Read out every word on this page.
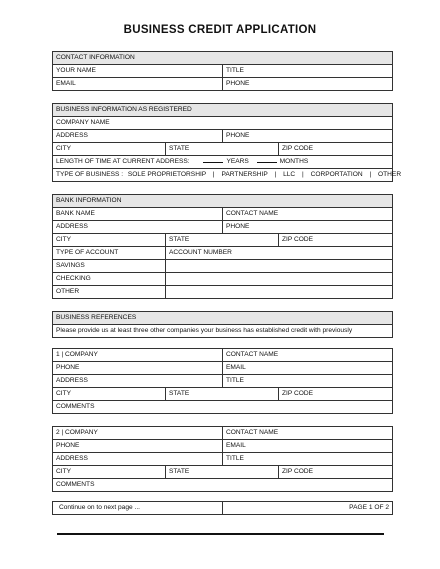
BUSINESS CREDIT APPLICATION
CONTACT INFORMATION	
YOUR NAME	TITLE
EMAIL	PHONE
BUSINESS INFORMATION AS REGISTERED			
COMPANY NAME			
ADDRESS		PHONE	
CITY	STATE		ZIP CODE
LENGTH OF TIME AT CURRENT ADDRESS: YEARS MONTHS			
TYPE OF BUSINESS : SOLE PROPRIETORSHIP | PARTNERSHIP | LLC | CORPORTATION | OTHER			
BANK INFORMATION			
BANK NAME		CONTACT NAME	
ADDRESS		PHONE	
CITY	STATE		ZIP CODE
TYPE OF ACCOUNT	ACCOUNT NUMBER		
SAVINGS			
CHECKING			
OTHER			
BUSINESS REFERENCES
Please provide us at least three other companies your business has established credit with previously
1 | COMPANY		CONTACT NAME	
PHONE		EMAIL	
ADDRESS		TITLE	
CITY	STATE		ZIP CODE
COMMENTS			
2 | COMPANY		CONTACT NAME	
PHONE		EMAIL	
ADDRESS		TITLE	
CITY	STATE		ZIP CODE
COMMENTS			
Continue on to next page ...	PAGE 1 OF 2
